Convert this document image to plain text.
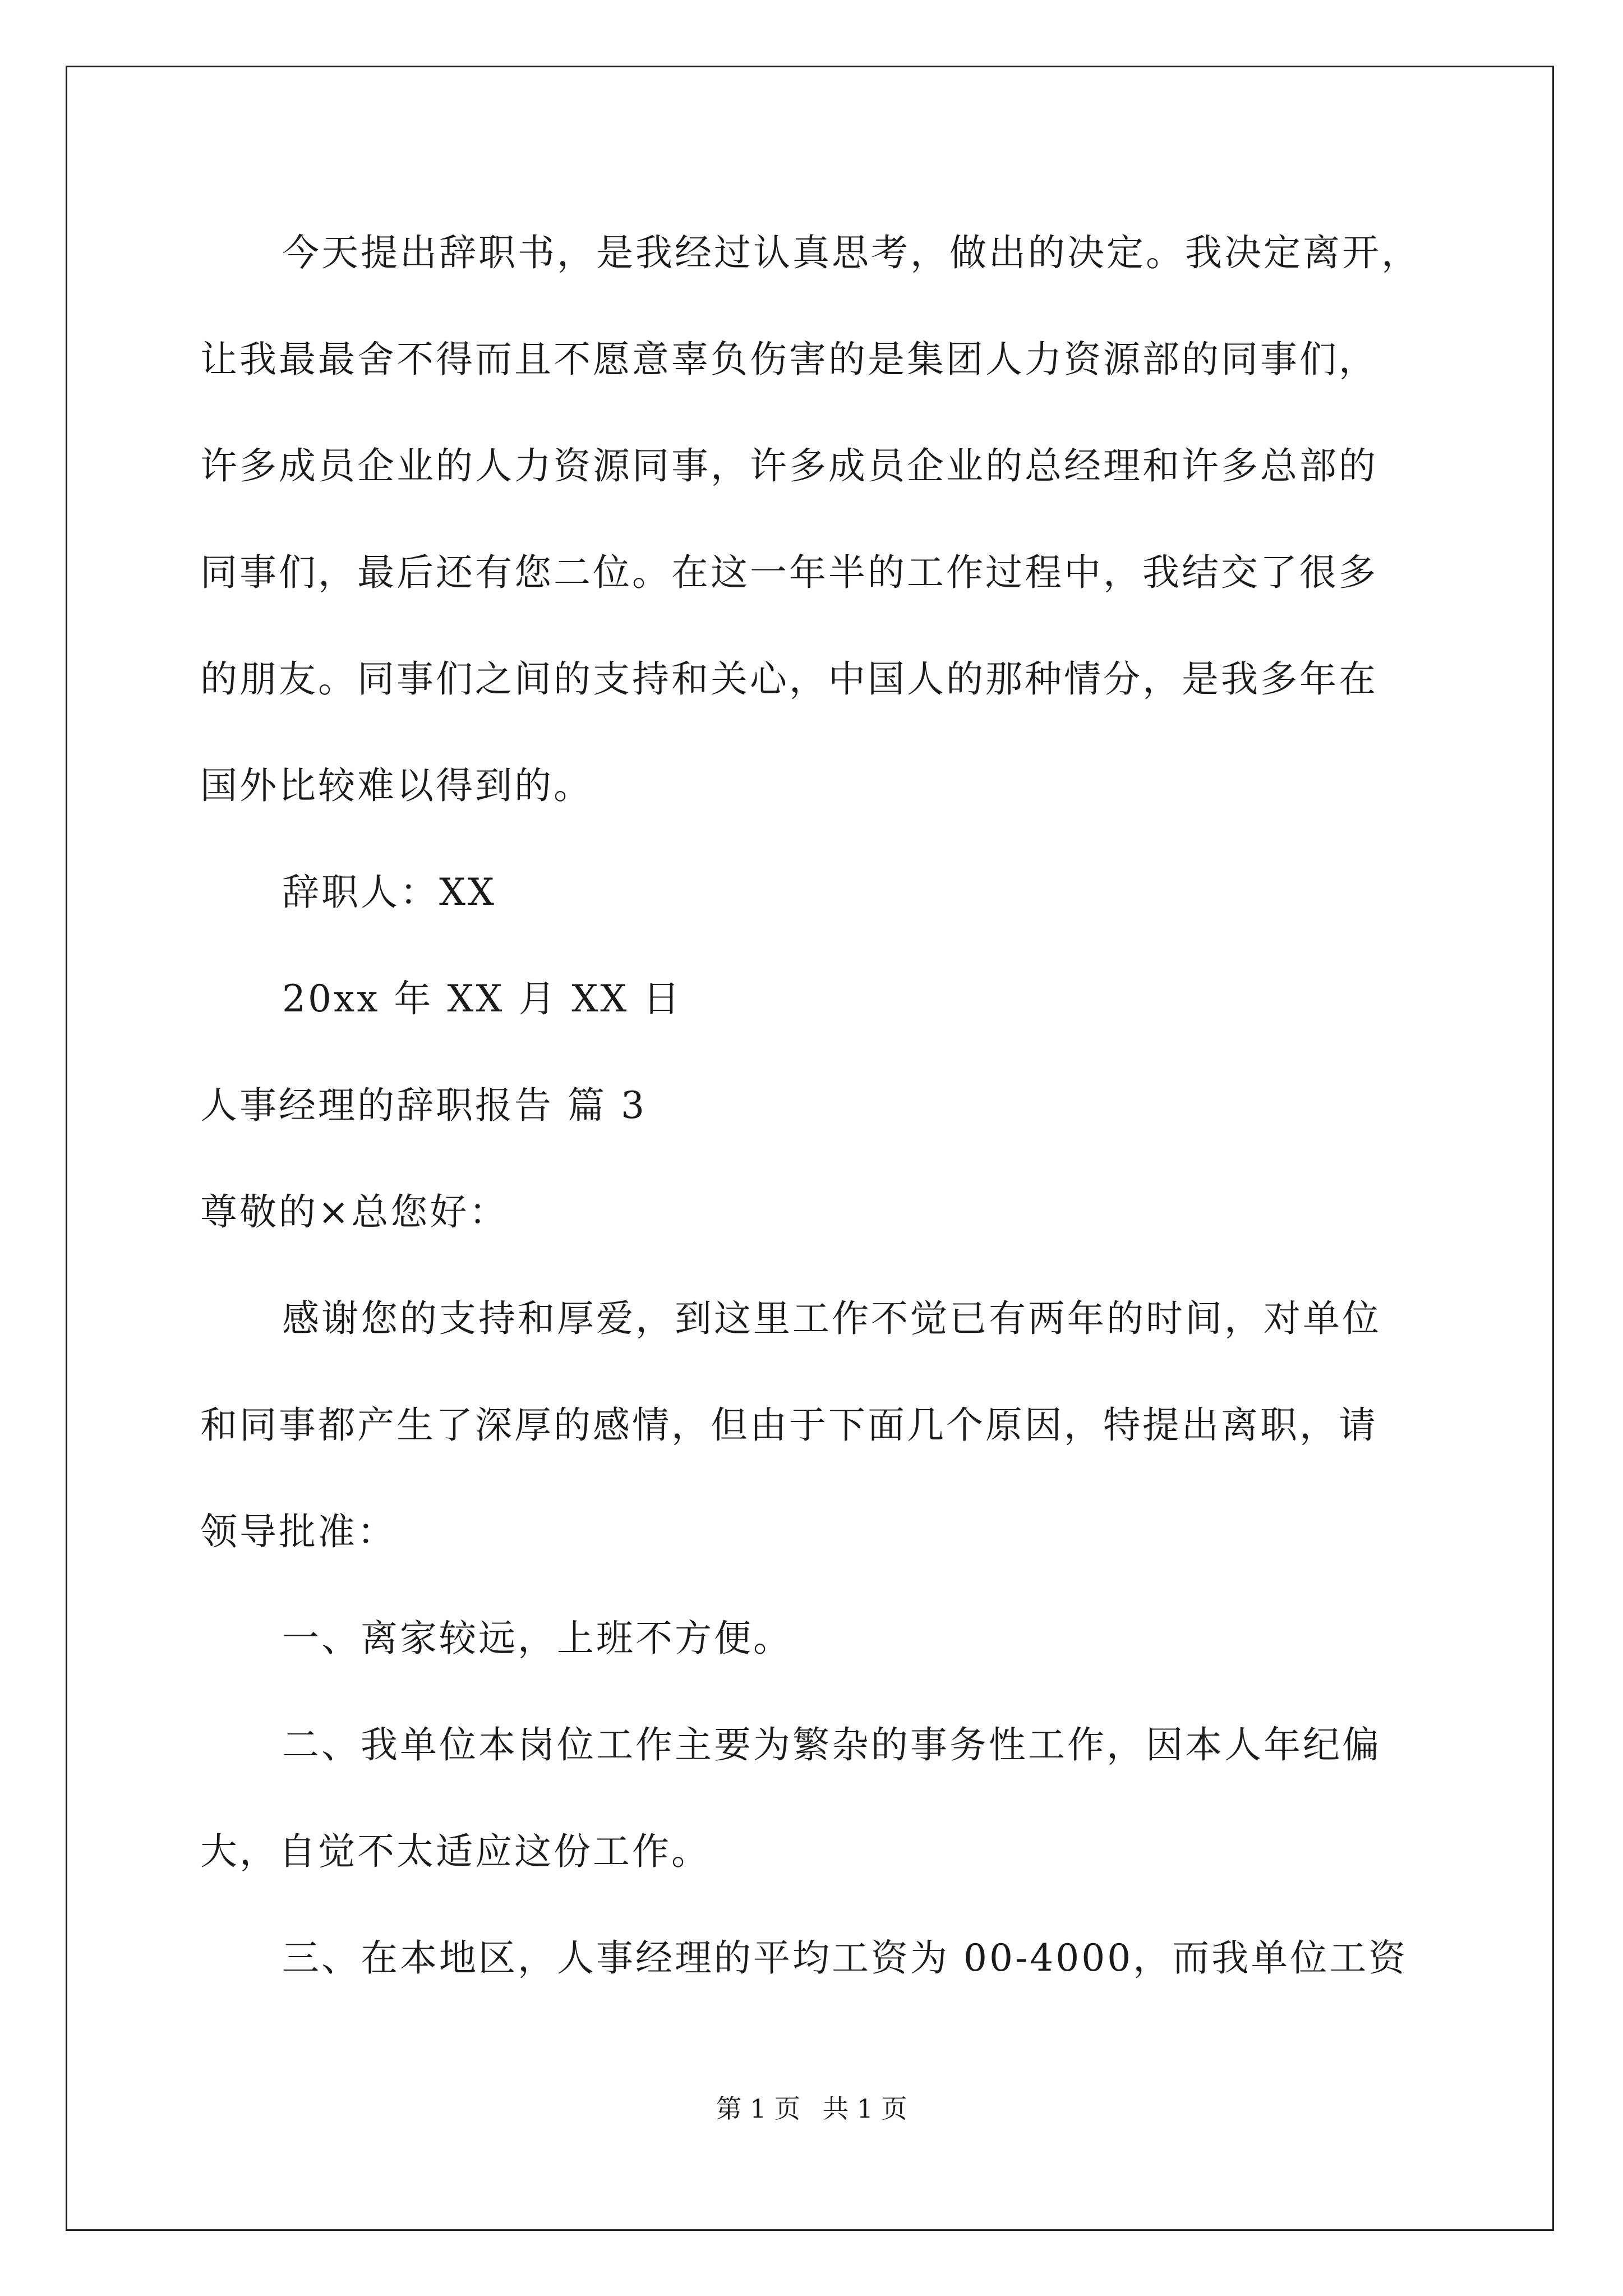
今天提出辞职书，是我经过认真思考，做出的决定。我决定离开，
让我最最舍不得而且不愿意辜负伤害的是集团人力资源部的同事们，
许多成员企业的人力资源同事，许多成员企业的总经理和许多总部的
同事们，最后还有您二位。在这一年半的工作过程中，我结交了很多
的朋友。同事们之间的支持和关心，中国人的那种情分，是我多年在
国外比较难以得到的。
辞职人：XX
20xx 年 XX 月 XX 日
人事经理的辞职报告 篇 3
尊敬的×总您好：
感谢您的支持和厚爱，到这里工作不觉已有两年的时间，对单位
和同事都产生了深厚的感情，但由于下面几个原因，特提出离职，请
领导批准：
一、离家较远，上班不方便。
二、我单位本岗位工作主要为繁杂的事务性工作，因本人年纪偏
大，自觉不太适应这份工作。
三、在本地区，人事经理的平均工资为 00-4000，而我单位工资
第 1 页 共 1 页
